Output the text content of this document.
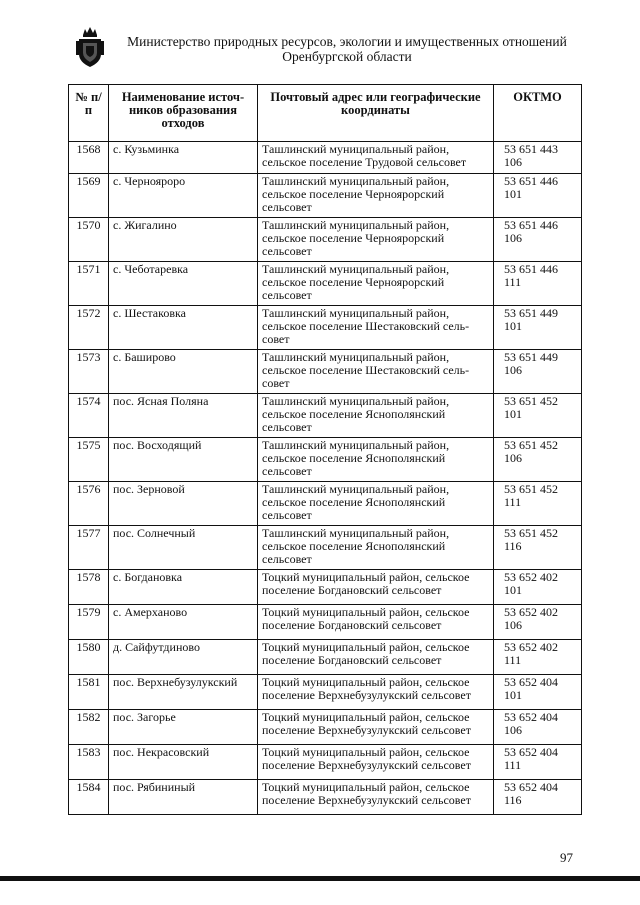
Министерство природных ресурсов, экологии и имущественных отношений
Оренбургской области
№ п/п	Наименование источ-ников образования отходов	Почтовый адрес или географические координаты	ОКТМО
1568	с. Кузьминка	Ташлинский муниципальный район, сельское поселение Трудовой сельсовет	53 651 443 106
1569	с. Чернояроро	Ташлинский муниципальный район, сельское поселение Черноярорский сельсовет	53 651 446 101
1570	с. Жигалино	Ташлинский муниципальный район, сельское поселение Черноярорский сельсовет	53 651 446 106
1571	с. Чеботаревка	Ташлинский муниципальный район, сельское поселение Черноярорский сельсовет	53 651 446 111
1572	с. Шестаковка	Ташлинский муниципальный район, сельское поселение Шестаковский сель-совет	53 651 449 101
1573	с. Баширово	Ташлинский муниципальный район, сельское поселение Шестаковский сель-совет	53 651 449 106
1574	пос. Ясная Поляна	Ташлинский муниципальный район, сельское поселение Яснополянский сельсовет	53 651 452 101
1575	пос. Восходящий	Ташлинский муниципальный район, сельское поселение Яснополянский сельсовет	53 651 452 106
1576	пос. Зерновой	Ташлинский муниципальный район, сельское поселение Яснополянский сельсовет	53 651 452 111
1577	пос. Солнечный	Ташлинский муниципальный район, сельское поселение Яснополянский сельсовет	53 651 452 116
1578	с. Богдановка	Тоцкий муниципальный район, сельское поселение Богдановский сельсовет	53 652 402 101
1579	с. Амерханово	Тоцкий муниципальный район, сельское поселение Богдановский сельсовет	53 652 402 106
1580	д. Сайфутдиново	Тоцкий муниципальный район, сельское поселение Богдановский сельсовет	53 652 402 111
1581	пос. Верхнебузулукский	Тоцкий муниципальный район, сельское поселение Верхнебузулукский сельсовет	53 652 404 101
1582	пос. Загорье	Тоцкий муниципальный район, сельское поселение Верхнебузулукский сельсовет	53 652 404 106
1583	пос. Некрасовский	Тоцкий муниципальный район, сельское поселение Верхнебузулукский сельсовет	53 652 404 111
1584	пос. Рябининый	Тоцкий муниципальный район, сельское поселение Верхнебузулукский сельсовет	53 652 404 116
97
